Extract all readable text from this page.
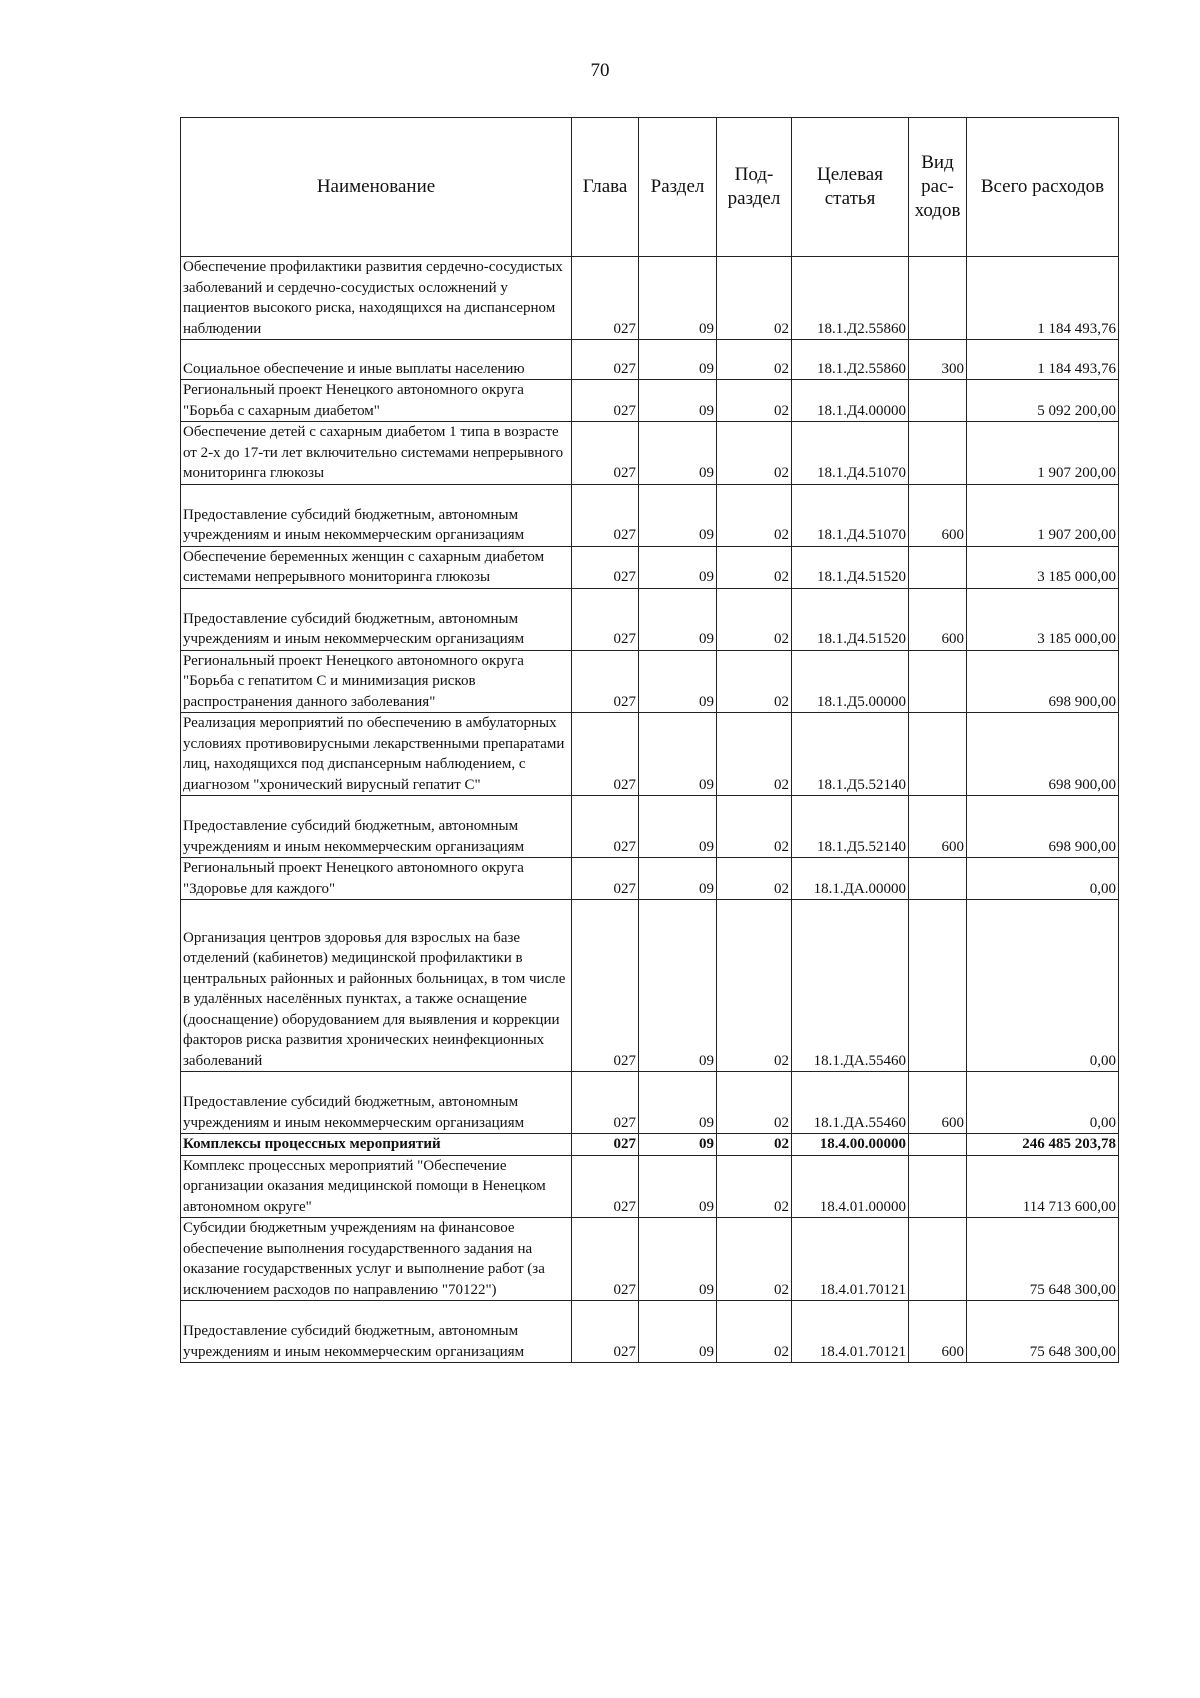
70
Наименование	Глава	Раздел	Под-раздел	Целевая статья	Вид рас-ходов	Всего расходов
Обеспечение профилактики развития сердечно-сосудистых заболеваний и сердечно-сосудистых осложнений у пациентов высокого риска, находящихся на диспансерном наблюдении	027	09	02	18.1.Д2.55860		1 184 493,76
Социальное обеспечение и иные выплаты населению	027	09	02	18.1.Д2.55860	300	1 184 493,76
Региональный проект Ненецкого автономного округа "Борьба с сахарным диабетом"	027	09	02	18.1.Д4.00000		5 092 200,00
Обеспечение детей с сахарным диабетом 1 типа в возрасте от 2-х до 17-ти лет включительно системами непрерывного мониторинга глюкозы	027	09	02	18.1.Д4.51070		1 907 200,00
Предоставление субсидий бюджетным, автономным учреждениям и иным некоммерческим организациям	027	09	02	18.1.Д4.51070	600	1 907 200,00
Обеспечение беременных женщин с сахарным диабетом системами непрерывного мониторинга глюкозы	027	09	02	18.1.Д4.51520		3 185 000,00
Предоставление субсидий бюджетным, автономным учреждениям и иным некоммерческим организациям	027	09	02	18.1.Д4.51520	600	3 185 000,00
Региональный проект Ненецкого автономного округа "Борьба с гепатитом С и минимизация рисков распространения данного заболевания"	027	09	02	18.1.Д5.00000		698 900,00
Реализация мероприятий по обеспечению в амбулаторных условиях противовирусными лекарственными препаратами лиц, находящихся под диспансерным наблюдением, с диагнозом "хронический вирусный гепатит С"	027	09	02	18.1.Д5.52140		698 900,00
Предоставление субсидий бюджетным, автономным учреждениям и иным некоммерческим организациям	027	09	02	18.1.Д5.52140	600	698 900,00
Региональный проект Ненецкого автономного округа "Здоровье для каждого"	027	09	02	18.1.ДА.00000		0,00
Организация центров здоровья для взрослых на базе отделений (кабинетов) медицинской профилактики в центральных районных и районных больницах, в том числе в удалённых населённых пунктах, а также оснащение (дооснащение) оборудованием для выявления и коррекции факторов риска развития хронических неинфекционных заболеваний	027	09	02	18.1.ДА.55460		0,00
Предоставление субсидий бюджетным, автономным учреждениям и иным некоммерческим организациям	027	09	02	18.1.ДА.55460	600	0,00
Комплексы процессных мероприятий	027	09	02	18.4.00.00000		246 485 203,78
Комплекс процессных мероприятий "Обеспечение организации оказания медицинской помощи в Ненецком автономном округе"	027	09	02	18.4.01.00000		114 713 600,00
Субсидии бюджетным учреждениям на финансовое обеспечение выполнения государственного задания на оказание государственных услуг и выполнение работ (за исключением расходов по направлению "70122")	027	09	02	18.4.01.70121		75 648 300,00
Предоставление субсидий бюджетным, автономным учреждениям и иным некоммерческим организациям	027	09	02	18.4.01.70121	600	75 648 300,00
